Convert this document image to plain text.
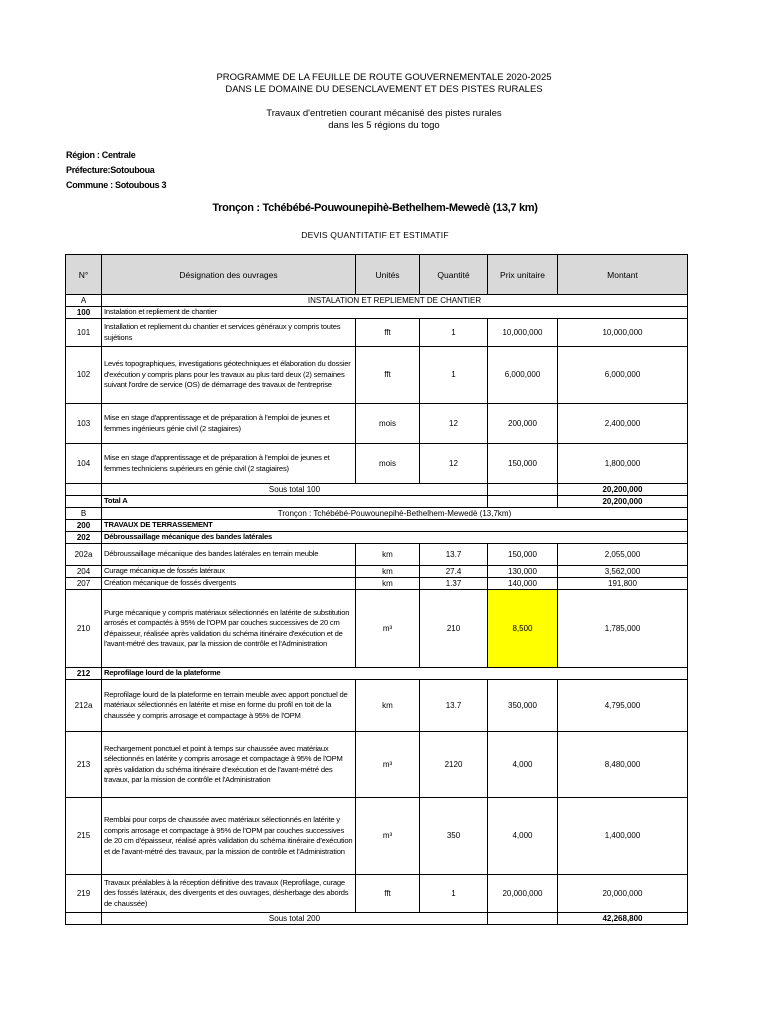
PROGRAMME DE LA FEUILLE DE ROUTE GOUVERNEMENTALE 2020-2025
DANS LE DOMAINE DU DESENCLAVEMENT ET DES PISTES RURALES
Travaux d'entretien courant mécanisé des pistes rurales
dans les 5 régions du togo
Région : Centrale
Préfecture:Sotouboua
Commune : Sotoubous 3
Tronçon : Tchébébé-Pouwounepihè-Bethelhem-Mewedè (13,7 km)
DEVIS QUANTITATIF ET ESTIMATIF
N°	Désignation des ouvrages	Unités	Quantité	Prix unitaire	Montant
A	INSTALATION ET REPLIEMENT DE CHANTIER				
100	Instalation et repliement de chantier				
101	Installation et repliement du chantier et services généraux y compris toutes sujétions	fft	1	10,000,000	10,000,000
102	Levés topographiques, investigations géotechniques et élaboration du dossier d'exécution y compris plans pour les travaux au plus tard deux (2) semaines suivant l'ordre de service (OS) de démarrage des travaux de l'entreprise	fft	1	6,000,000	6,000,000
103	Mise en stage d'apprentissage et de préparation à l'emploi de jeunes et femmes ingénieurs génie civil (2 stagiaires)	mois	12	200,000	2,400,000
104	Mise en stage d'apprentissage et de préparation à l'emploi de jeunes et femmes techniciens supérieurs en génie civil (2 stagiaires)	mois	12	150,000	1,800,000
	Sous total 100				20,200,000
	Total A				20,200,000
B	Tronçon : Tchébébé-Pouwounepihè-Bethelhem-Mewedè (13,7km)				
200	TRAVAUX DE TERRASSEMENT				
202	Débroussaillage mécanique des bandes latérales				
202a	Débroussaillage mécanique des bandes latérales en terrain meuble	km	13.7	150,000	2,055,000
204	Curage mécanique de fossés latéraux	km	27.4	130,000	3,562,000
207	Création mécanique de fossés divergents	km	1.37	140,000	191,800
210	Purge mécanique y compris matériaux sélectionnés en latérite de substitution arrosés et compactés à 95% de l'OPM par couches successives de 20 cm d'épaisseur, réalisée après validation du schéma itinéraire d'exécution et de l'avant-métré des travaux, par la mission de contrôle et l'Administration	m³	210	8,500	1,785,000
212	Reprofilage lourd de la plateforme				
212a	Reprofilage lourd de la plateforme en terrain meuble avec apport ponctuel de matériaux sélectionnés en latérite et mise en forme du profil en toit de la chaussée y compris arrosage et compactage à 95% de l'OPM	km	13.7	350,000	4,795,000
213	Rechargement ponctuel et point à temps sur chaussée avec matériaux sélectionnés en latérite y compris arrosage et compactage à 95% de l'OPM après validation du schéma itinéraire d'exécution et de l'avant-métré des travaux, par la mission de contrôle et l'Administration	m³	2120	4,000	8,480,000
215	Remblai pour corps de chaussée avec matériaux sélectionnés en latérite y compris arrosage et compactage à 95% de l'OPM par couches successives de 20 cm d'épaisseur, réalisé après validation du schéma itinéraire d'exécution et de l'avant-métré des travaux, par la mission de contrôle et l'Administration	m³	350	4,000	1,400,000
219	Travaux préalables à la réception définitive des travaux (Reprofilage, curage des fossés latéraux, des divergents et des ouvrages, désherbage des abords de chaussée)	fft	1	20,000,000	20,000,000
	Sous total 200				42,268,800
